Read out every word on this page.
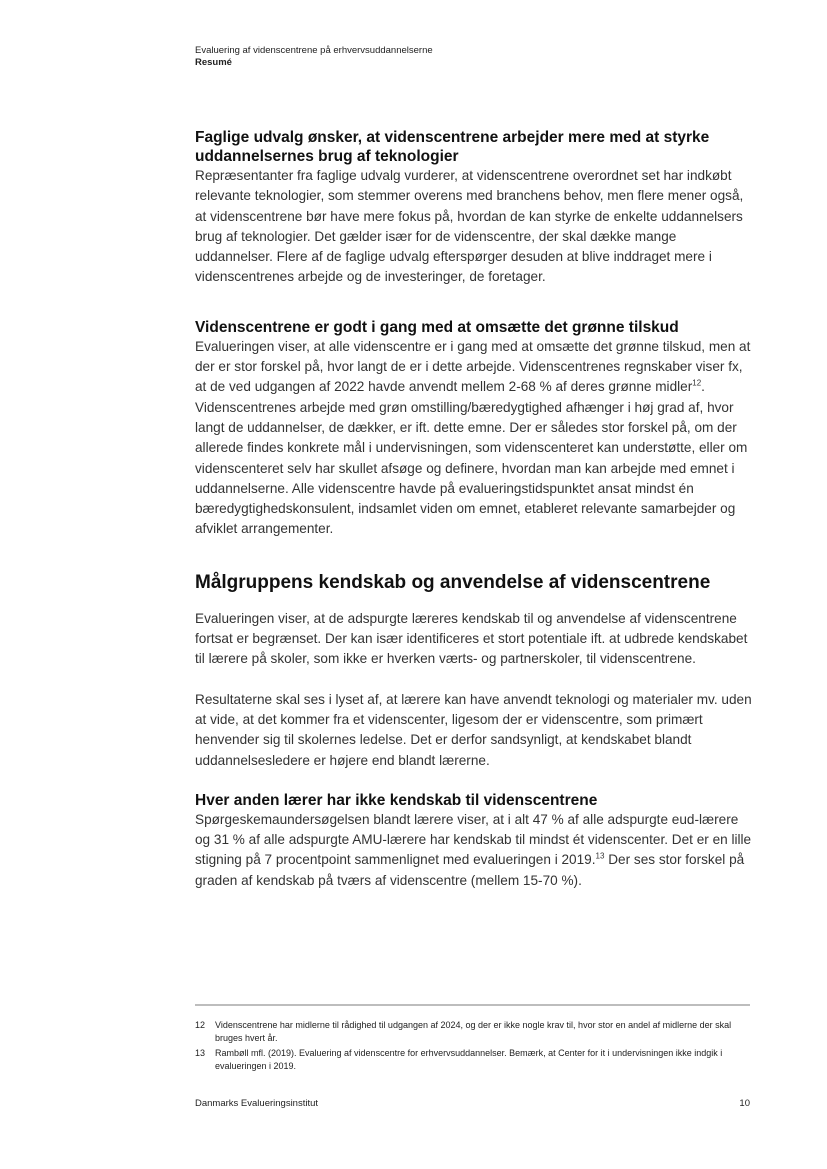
Evaluering af videnscentrene på erhvervsuddannelserne
Resumé
Faglige udvalg ønsker, at videnscentrene arbejder mere med at styrke uddannelsernes brug af teknologier

Repræsentanter fra faglige udvalg vurderer, at videnscentrene overordnet set har indkøbt relevante teknologier, som stemmer overens med branchens behov, men flere mener også, at videnscentrene bør have mere fokus på, hvordan de kan styrke de enkelte uddannelsers brug af teknologier. Det gælder især for de videnscentre, der skal dække mange uddannelser. Flere af de faglige udvalg efterspørger desuden at blive inddraget mere i videnscentrenes arbejde og de investeringer, de foretager.

Videnscentrene er godt i gang med at omsætte det grønne tilskud

Evalueringen viser, at alle videnscentre er i gang med at omsætte det grønne tilskud, men at der er stor forskel på, hvor langt de er i dette arbejde. Videnscentrenes regnskaber viser fx, at de ved udgangen af 2022 havde anvendt mellem 2-68 % af deres grønne midler$^{12}$. Videnscentrenes arbejde med grøn omstilling/bæredygtighed afhænger i høj grad af, hvor langt de uddannelser, de dækker, er ift. dette emne. Der er således stor forskel på, om der allerede findes konkrete mål i undervisningen, som videnscenteret kan understøtte, eller om videnscenteret selv har skullet afsøge og definere, hvordan man kan arbejde med emnet i uddannelserne. Alle videnscentre havde på evalueringstidspunktet ansat mindst én bæredygtighedskonsulent, indsamlet viden om emnet, etableret relevante samarbejder og afviklet arrangementer.

Målgruppens kendskab og anvendelse af videnscentrene

Evalueringen viser, at de adspurgte læreres kendskab til og anvendelse af videnscentrene fortsat er begrænset. Der kan især identificeres et stort potentiale ift. at udbrede kendskabet til lærere på skoler, som ikke er hverken værts- og partnerskoler, til videnscentrene.

Resultaterne skal ses i lyset af, at lærere kan have anvendt teknologi og materialer mv. uden at vide, at det kommer fra et videnscenter, ligesom der er videnscentre, som primært henvender sig til skolernes ledelse. Det er derfor sandsynligt, at kendskabet blandt uddannelsesledere er højere end blandt lærerne.

Hver anden lærer har ikke kendskab til videnscentrene

Spørgeskemaundersøgelsen blandt lærere viser, at i alt 47 % af alle adspurgte eud-lærere og 31 % af alle adspurgte AMU-lærere har kendskab til mindst ét videnscenter. Det er en lille stigning på 7 procentpoint sammenlignet med evalueringen i 2019.13 Der ses stor forskel på graden af kendskab på tværs af videnscentre (mellem 15-70 %).

12	Videnscentrene har midlerne til rådighed til udgangen af 2024, og der er ikke nogle krav til, hvor stor en andel af midlerne der skal bruges hvert år.
13	Rambøll mfl. (2019). Evaluering af videnscentre for erhvervsuddannelser. Bemærk, at Center for it i undervisningen ikke indgik i evalueringen i 2019.
Danmarks Evalueringsinstitut	10
